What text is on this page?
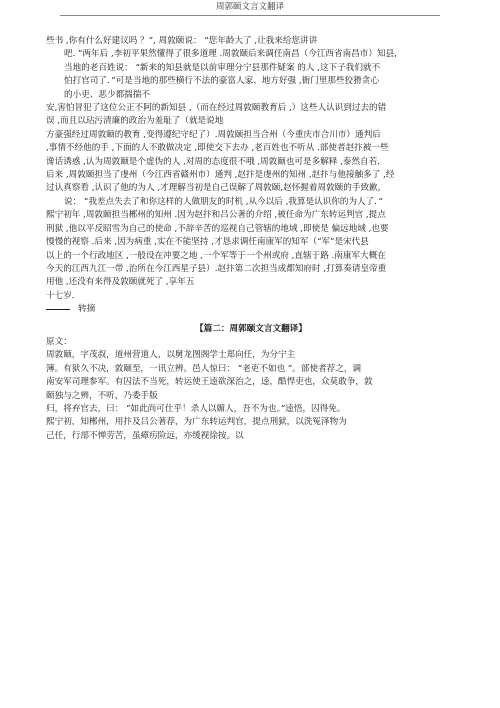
周郭颐文言文翻译

些书 ,你有什么好建议吗 ？”, 周敦颐说： “您年龄大了 ,让我来给您讲讲

吧. ”两年后 ,李初平果然懂得了很多道理 .周敦颐后来调任南昌（今江西省南昌市）知县，

当地的老百姓说： “新来的知县就是以前审理分宁县那件疑案 的人 ,这下子我们就不

怕打官司了．”可是当地的那些横行不法的豪富人家、地方好强 ,衙门里那些狡猾贪心

的小吏、恶少都揣揣不

安,害怕冒犯了这位公正不阿的新知县 ,（而在经过周敦颐教育后 ,）这些人认识到过去的错

误 ,而且以玷污清廉的政治为羞耻了（就是说地

方豪强经过周敦颐的教育 ,变得遵纪守纪了）.周敦颐担当合州（今重庆市合川市）通判后

,事情不经他的手 ,下面的人不敢做决定 ,即使交下去办 ,老百姓也不听从 .部使者赵抃被一些

谗话诱惑 ,认为周敦颐是个虚伪的人 ,对周的态度很不哦 ,周敦颐也可是多解释 ,泰然自若．

后来 ,周敦颐担当了虔州（今江西省赣州市）通判 ,赵抃是虔州的知州 ,赵抃与他接触多了 ,经

过认真察看 ,认识了他的为人 ,才理解当初是自己误解了周敦颐,赵怀握着周敦颐的手致歉，

说： “我差点失去了和你这样的人做朋友的时机 ,从今以后 ,我算是认识你的为人了．”

熙宁初年 ,周敦颐担当郴州的知州 .因为赵抃和吕公著的介绍 ,被任命为广东转运判官 ,提点

刑狱 ,他以平反昭雪为自己的使命 ,不辞辛苦的巡视自己管辖的地域 ,即使是 偏远地域 ,也要

慢慢的视察 .后来 ,因为病重 ,实在不能坚持 ,才恳求调任南康军的知军（“军”是宋代县

以上的一个行政地区 ,一般设在冲要之地 ,一个军等于一个州或府 ,直辖于路 .南康军大概在

今天的江西九江一带 ,治所在今江西星子县）.赵抃第二次担当成都知府时 ,打算奏请皇帝重

用他 ,还没有来得及敦颐就死了 ,享年五

十七岁．

转摘

【篇二：周郭颐文言文翻译】

原文：

周敦颐，字茂叔，道州营道人，以舅龙图阁学士郑向任，为分宁主

簿。有狱久不决，敦颐至，一讯立辨。邑人惊曰： “老吏不如也 ”。部使者荐之，调

南安军司理参军。有囚法不当死，转运使王逵欲深治之，逵，酷悍吏也，众莫敢争，敦

颐独与之辨，不听，乃委手版

归，将弃官去，曰： “如此尚可仕乎！杀人以媚人，吾不为也。”逵悟，囚得免。

熙宁初，知郴州，用抃及吕公著荐，为广东转运判官，提点刑狱，以洗冤泽物为

己任，行部不惮劳苦，虽瘴疠险远，亦缓视徐按。以
